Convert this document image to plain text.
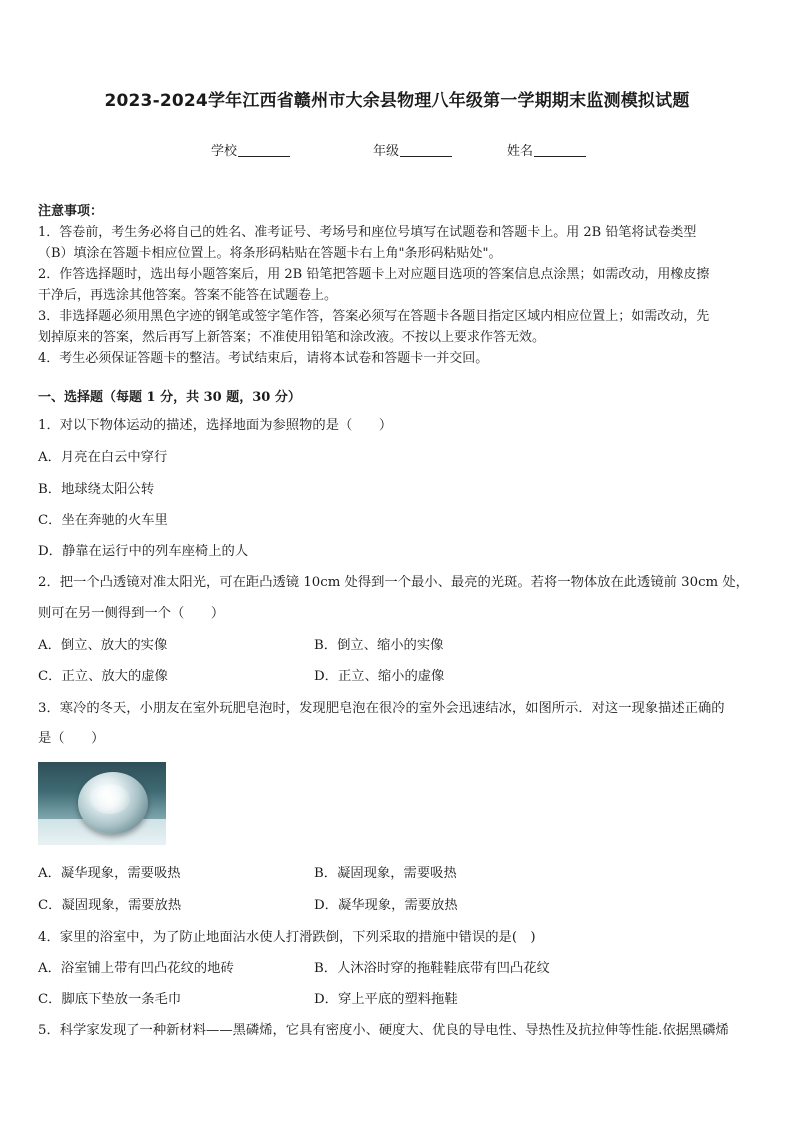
2023-2024学年江西省赣州市大余县物理八年级第一学期期末监测模拟试题
学校	年级	姓名
注意事项：
1．答卷前，考生务必将自己的姓名、准考证号、考场号和座位号填写在试题卷和答题卡上。用 2B 铅笔将试卷类型
（B）填涂在答题卡相应位置上。将条形码粘贴在答题卡右上角"条形码粘贴处"。
2．作答选择题时，选出每小题答案后，用 2B 铅笔把答题卡上对应题目选项的答案信息点涂黑；如需改动，用橡皮擦
干净后，再选涂其他答案。答案不能答在试题卷上。
3．非选择题必须用黑色字迹的钢笔或签字笔作答，答案必须写在答题卡各题目指定区域内相应位置上；如需改动，先
划掉原来的答案，然后再写上新答案；不准使用铅笔和涂改液。不按以上要求作答无效。
4．考生必须保证答题卡的整洁。考试结束后，请将本试卷和答题卡一并交回。
一、选择题（每题 1 分，共 30 题，30 分）
1．对以下物体运动的描述，选择地面为参照物的是（　　）
A．月亮在白云中穿行
B．地球绕太阳公转
C．坐在奔驰的火车里
D．静靠在运行中的列车座椅上的人
2．把一个凸透镜对准太阳光，可在距凸透镜 10cm 处得到一个最小、最亮的光斑。若将一物体放在此透镜前 30cm 处，
则可在另一侧得到一个（　　）
A．倒立、放大的实像	B．倒立、缩小的实像
C．正立、放大的虚像	D．正立、缩小的虚像
3．寒冷的冬天，小朋友在室外玩肥皂泡时，发现肥皂泡在很冷的室外会迅速结冰，如图所示．对这一现象描述正确的
是（　　）
A．凝华现象，需要吸热	B．凝固现象，需要吸热
C．凝固现象，需要放热	D．凝华现象，需要放热
4．家里的浴室中，为了防止地面沾水使人打滑跌倒，下列采取的措施中错误的是(　)
A．浴室铺上带有凹凸花纹的地砖	B．人沐浴时穿的拖鞋鞋底带有凹凸花纹
C．脚底下垫放一条毛巾	D．穿上平底的塑料拖鞋
5．科学家发现了一种新材料——黑磷烯，它具有密度小、硬度大、优良的导电性、导热性及抗拉伸等性能.依据黑磷烯
